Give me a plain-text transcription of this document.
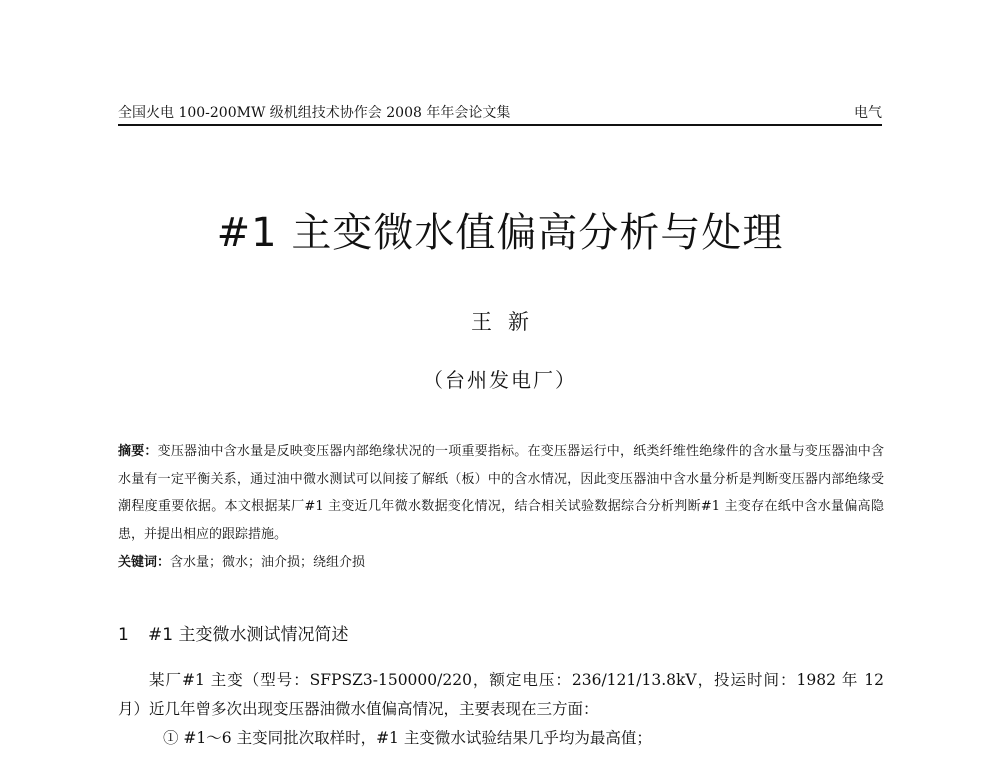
全国火电 100-200MW 级机组技术协作会 2008 年年会论文集	电气
#1 主变微水值偏高分析与处理
王新
（台州发电厂）
摘要：变压器油中含水量是反映变压器内部绝缘状况的一项重要指标。在变压器运行中，纸类纤维性绝缘件的含水量与变压器油中含水量有一定平衡关系，通过油中微水测试可以间接了解纸（板）中的含水情况，因此变压器油中含水量分析是判断变压器内部绝缘受潮程度重要依据。本文根据某厂#1 主变近几年微水数据变化情况，结合相关试验数据综合分析判断#1 主变存在纸中含水量偏高隐患，并提出相应的跟踪措施。
关键词：含水量；微水；油介损；绕组介损
1 #1 主变微水测试情况简述

某厂#1 主变（型号：SFPSZ3-150000/220，额定电压：236/121/13.8kV，投运时间：1982 年 12 月）近几年曾多次出现变压器油微水值偏高情况，主要表现在三方面：

① #1～6 主变同批次取样时，#1 主变微水试验结果几乎均为最高值；
